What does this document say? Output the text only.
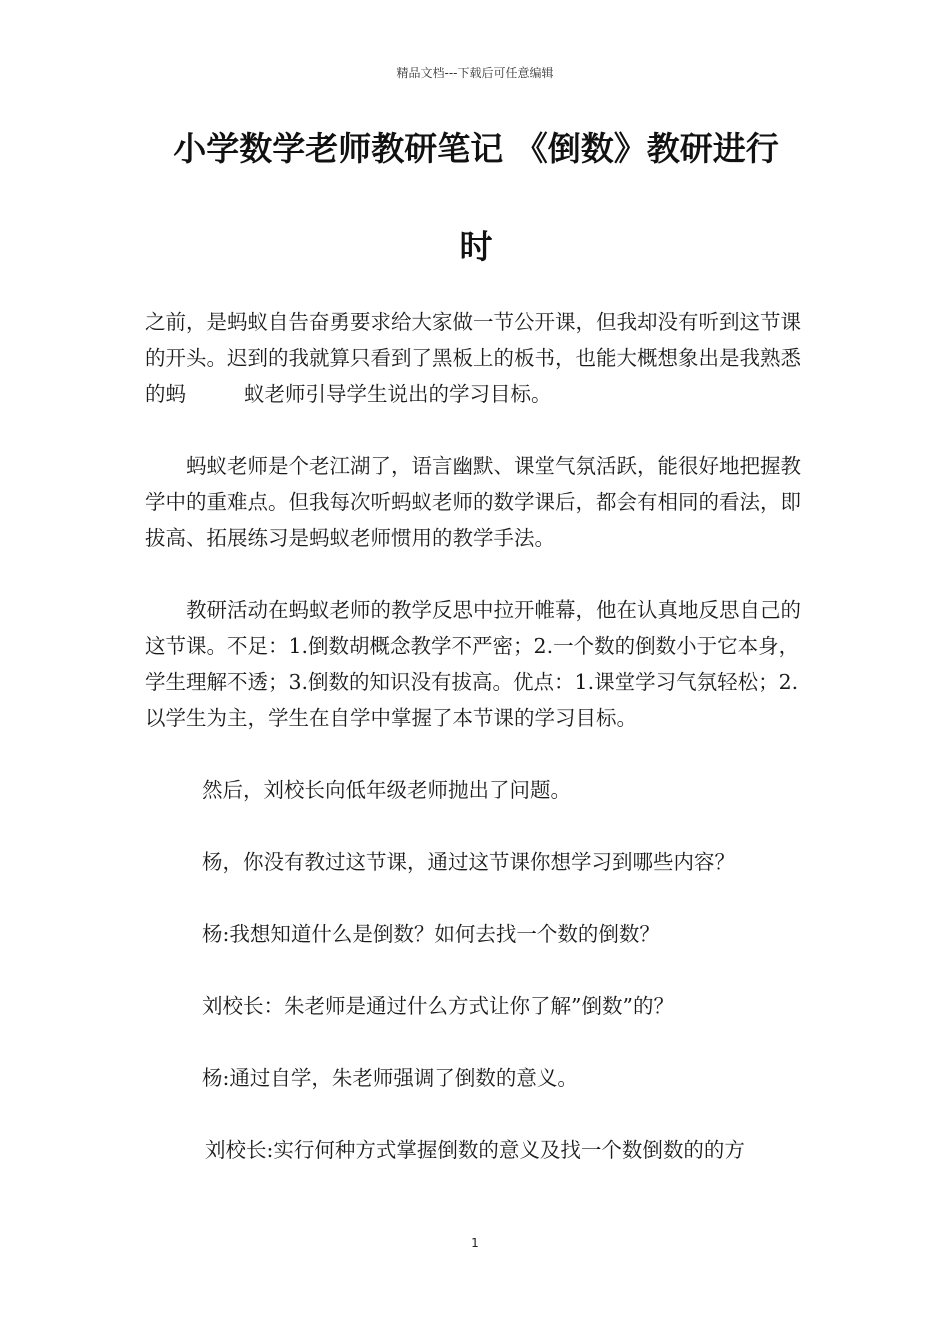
精品文档---下载后可任意编辑
小学数学老师教研笔记 《倒数》教研进行
时

之前，是蚂蚁自告奋勇要求给大家做一节公开课，但我却没有听到这节课的开头。迟到的我就算只看到了黑板上的板书，也能大概想象出是我熟悉的蚂	蚁老师引导学生说出的学习目标。

蚂蚁老师是个老江湖了，语言幽默、课堂气氛活跃，能很好地把握教学中的重难点。但我每次听蚂蚁老师的数学课后，都会有相同的看法，即拔高、拓展练习是蚂蚁老师惯用的教学手法。

教研活动在蚂蚁老师的教学反思中拉开帷幕，他在认真地反思自己的这节课。不足：1.倒数胡概念教学不严密；2.一个数的倒数小于它本身，学生理解不透；3.倒数的知识没有拔高。优点：1.课堂学习气氛轻松；2.以学生为主，学生在自学中掌握了本节课的学习目标。

然后，刘校长向低年级老师抛出了问题。

杨，你没有教过这节课，通过这节课你想学习到哪些内容？

杨:我想知道什么是倒数？如何去找一个数的倒数？

刘校长：朱老师是通过什么方式让你了解”倒数”的？

杨:通过自学，朱老师强调了倒数的意义。

刘校长:实行何种方式掌握倒数的意义及找一个数倒数的的方

1
